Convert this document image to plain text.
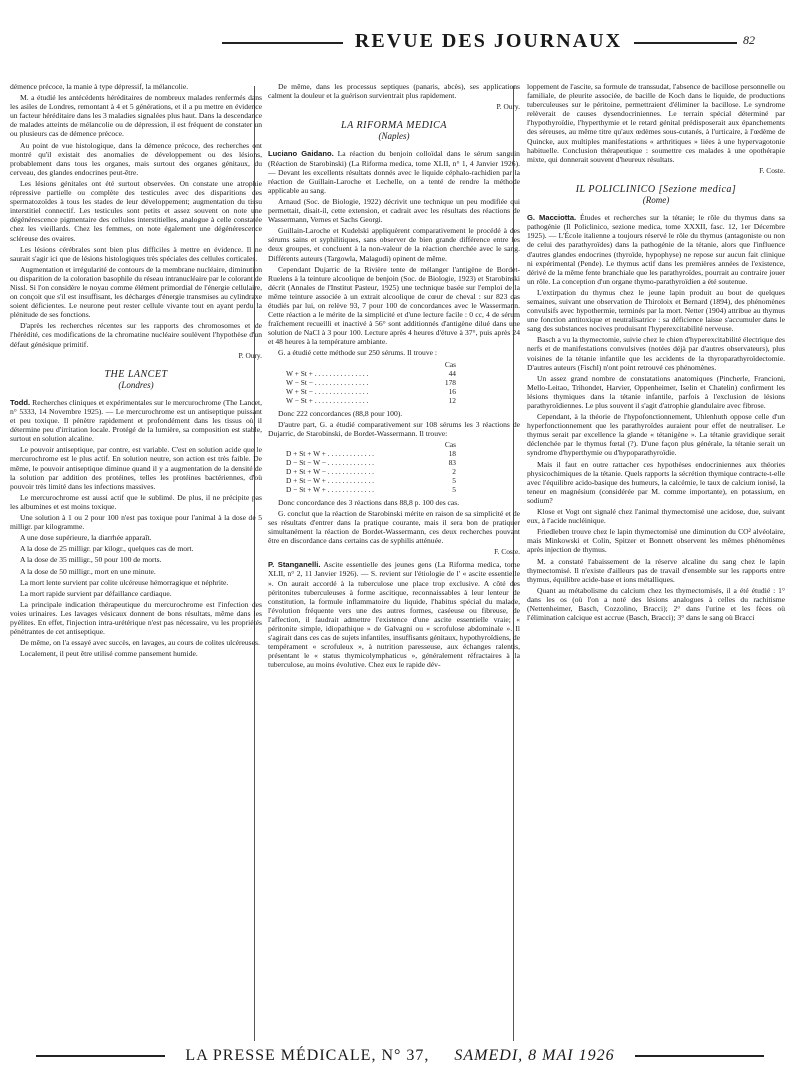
REVUE DES JOURNAUX	82

démence précoce, la manie à type dépressif, la mélancolie.

M. a étudié les antécédents héréditaires de nombreux malades renfermés dans les asiles de Londres, remontant à 4 et 5 générations, et il a pu mettre en évidence un facteur héréditaire dans les 3 maladies signalées plus haut. Dans la descendance de malades atteints de mélancolie ou de dépression, il est fréquent de constater un ou plusieurs cas de démence précoce.

Au point de vue histologique, dans la démence précoce, des recherches ont montré qu'il existait des anomalies de développement ou des lésions, probablement dans tous les organes, mais surtout des organes génitaux, du cerveau, des glandes endocrines peut-être.

Les lésions génitales ont été surtout observées. On constate une atrophie répressive partielle ou complète des testicules avec des disparitions des spermatozoïdes à tous les stades de leur développement; augmentation du tissu interstitiel connectif. Les testicules sont petits et assez souvent on note une dégénérescence pigmentaire des cellules interstitielles, analogue à celle constatée chez les vieillards. Chez les femmes, on note également une dégénérescence scléreuse des ovaires.

Les lésions cérébrales sont bien plus difficiles à mettre en évidence. Il ne saurait s'agir ici que de lésions histologiques très spéciales des cellules corticales.

Augmentation et irrégularité de contours de la membrane nucléaire, diminution ou disparition de la coloration basophile du réseau intranucléaire par le colorant de Nissl. Si l'on considère le noyau comme élément primordial de l'énergie cellulaire, on conçoit que s'il est insuffisant, les décharges d'énergie transmises au cylindraxe soient déficientes. Le neurone peut rester cellule vivante tout en ayant perdu la plénitude de ses fonctions.

D'après les recherches récentes sur les rapports des chromosomes et de l'hérédité, ces modifications de la chromatine nucléaire soulèvent l'hypothèse d'un défaut génésique primitif.

P. Oury.
THE LANCET
(Londres)

Todd. Recherches cliniques et expérimentales sur le mercurochrome (The Lancet, n° 5333, 14 Novembre 1925). — Le mercurochrome est un antiseptique puissant et peu toxique. Il pénètre rapidement et profondément dans les tissus où il détermine peu d'irritation locale. Protégé de la lumière, sa composition est stable, surtout en solution alcaline.

Le pouvoir antiseptique, par contre, est variable. C'est en solution acide que le mercurochrome est le plus actif. En solution neutre, son action est très faible. De même, le pouvoir antiseptique diminue quand il y a augmentation de la densité de la solution par addition des protéines, telles les protéines bactériennes, d'où pouvoir très limité dans les infections massives.

Le mercurochrome est aussi actif que le sublimé. De plus, il ne précipite pas les albumines et est moins toxique.

Une solution à 1 ou 2 pour 100 n'est pas toxique pour l'animal à la dose de 5 milligr. par kilogramme.

A une dose supérieure, la diarrhée apparaît.

A la dose de 25 milligr. par kilogr., quelques cas de mort.

A la dose de 35 milligr., 50 pour 100 de morts.

A la dose de 50 milligr., mort en une minute.

La mort lente survient par colite ulcéreuse hémorragique et néphrite.

La mort rapide survient par défaillance cardiaque.

La principale indication thérapeutique du mercurochrome est l'infection des voies urinaires. Les lavages vésicaux donnent de bons résultats, même dans les pyélites. En effet, l'injection intra-urétérique n'est pas nécessaire, vu les propriétés pénétrantes de cet antiseptique.

De même, on l'a essayé avec succès, en lavages, au cours de colites ulcéreuses.

Localement, il peut être utilisé comme pansement humide.

De même, dans les processus septiques (panaris, abcès), ses applications calment la douleur et la guérison survientrait plus rapidement.

P. Oury.
LA RIFORMA MEDICA
(Naples)

Luciano Gaidano. La réaction du benjoin colloïdal dans le sérum sanguin (Réaction de Starobinski) (La Riforma medica, tome XLII, n° 1, 4 Janvier 1926). — Devant les excellents résultats donnés avec le liquide céphalo-rachidien par la réaction de Guillain-Laroche et Lechelle, on a tenté de rendre la méthode applicable au sang.

Arnaud (Soc. de Biologie, 1922) décrivit une technique un peu modifiée qui permettait, disait-il, cette extension, et cadrait avec les résultats des réactions de Wassermann, Vernes et Sachs Georgi.

Guillain-Laroche et Kudelski appliquèrent comparativement le procédé à des sérums sains et syphilitiques, sans observer de bien grande différence entre les deux groupes, et concluent à la non-valeur de la réaction cherchée avec le sang. Différents auteurs (Targowla, Malagudi) opinent de même.

Cependant Dujarric de la Rivière tente de mélanger l'antigène de Bordet-Ruelens à la teinture alcoolique de benjoin (Soc. de Biologie, 1923) et Starobinski décrit (Annales de l'Institut Pasteur, 1925) une technique basée sur l'emploi de la même teinture associée à un extrait alcoolique de cœur de cheval : sur 823 cas étudiés par lui, on relève 93, 7 pour 100 de concordances avec le Wassermann. Cette réaction a le mérite de la simplicité et d'une lecture facile : 0 cc, 4 de sérum fraîchement recueilli et inactivé à 56° sont additionnés d'antigène dilué dans une solution de NaCl à 3 pour 100. Lecture après 4 heures d'étuve à 37°, puis après 24 et 48 heures à la température ambiante.

G. a étudié cette méthode sur 250 sérums. Il trouve :

	Cas
W + St + . . . . . . . . . . . . . . .	44
W − St − . . . . . . . . . . . . . . .	178
W + St − . . . . . . . . . . . . . . .	16
W − St + . . . . . . . . . . . . . . .	12

Donc 222 concordances (88,8 pour 100).

D'autre part, G. a étudié comparativement sur 108 sérums les 3 réactions de Dujarric, de Starobinski, de Bordet-Wassermann. Il trouve:

	Cas
D + St + W + . . . . . . . . . . . . .	18
D − St − W − . . . . . . . . . . . . .	83
D + St + W − . . . . . . . . . . . . .	2
D + St − W + . . . . . . . . . . . . .	5
D − St + W + . . . . . . . . . . . . .	5

Donc concordance des 3 réactions dans 88,8 p. 100 des cas.

G. conclut que la réaction de Starobinski mérite en raison de sa simplicité et de ses résultats d'entrer dans la pratique courante, mais il sera bon de pratiquer simultanément la réaction de Bordet-Wassermann, ces deux recherches pouvant être en discordance dans certains cas de syphilis atténuée.

F. Coste.

P. Stanganelli. Ascite essentielle des jeunes gens (La Riforma medica, tome XLII, n° 2, 11 Janvier 1926). — S. revient sur l'étiologie de l' « ascite essentielle ». On aurait accordé à la tuberculose une place trop exclusive. A côté des péritonites tuberculeuses à forme ascitique, reconnaissables à leur lenteur de constitution, la formule inflammatoire du liquide, l'habitus spécial du malade, l'évolution fréquente vers une des autres formes, caséeuse ou fibreuse, de l'affection, il faudrait admettre l'existence d'une ascite essentielle vraie; « péritonite simple, idiopathique » de Galvagni ou « scrofulose abdominale ». Il s'agirait dans ces cas de sujets infantiles, insuffisants génitaux, hypothyroïdiens, de tempérament « scrofuleux », à nutrition paresseuse, aux échanges ralentis, présentant le « status thymicolymphaticus », généralement réfractaires à la tuberculose, au moins évolutive. Chez eux le rapide dév-

loppement de l'ascite, sa formule de transsudat, l'absence de bacillose personnelle ou familiale, de pleurite associée, de bacille de Koch dans le liquide, de productions tuberculeuses sur le péritoine, permettraient d'éliminer la bacillose. Le syndrome relèverait de causes dysendocriniennes. Le terrain spécial déterminé par l'hypothyroïdie, l'hyperthymie et le retard génital prédisposerait aux épanchements des séreuses, au même titre qu'aux œdèmes sous-cutanés, à l'urticaire, à l'œdème de Quincke, aux multiples manifestations « arthritiques » liées à une hypervagotonie habituelle. Conclusion thérapeutique : soumettre ces malades à une opothérapie mixte, qui donnerait souvent d'heureux résultats.

F. Coste.
IL POLICLINICO [Sezione medica]
(Rome)

G. Macciotta. Études et recherches sur la tétanie; le rôle du thymus dans sa pathogénie (Il Policlinico, sezione medica, tome XXXII, fasc. 12, 1er Décembre 1925). — L'École italienne a toujours réservé le rôle du thymus (antagoniste ou non de celui des parathyroïdes) dans la pathogénie de la tétanie, alors que l'influence d'autres glandes endocrines (thyroïde, hypophyse) ne repose sur aucun fait clinique ni expérimental (Pende). Le thymus actif dans les premières années de l'existence, dérivé de la même fente branchiale que les parathyroïdes, pourrait au contraire jouer un rôle. La conception d'un organe thymo-parathyroïdien a été soutenue.

L'extirpation du thymus chez le jeune lapin produit au bout de quelques semaines, suivant une observation de Thiroloix et Bernard (1894), des phénomènes convulsifs avec hypothermie, terminés par la mort. Netter (1904) attribue au thymus une fonction antitoxique et neutralisatrice : sa déficience laisse s'accumuler dans le sang des substances nocives produisant l'hyperexcitabilité nerveuse.

Basch a vu la thymectomie, suivie chez le chien d'hyperexcitabilité électrique des nerfs et de manifestations convulsives (notées déjà par d'autres observateurs), plus voisines de la tétanie infantile que les accidents de la thyroparathyroïdectomie. D'autres auteurs (Fischl) n'ont point retrouvé ces phénomènes.

Un assez grand nombre de constatations anatomiques (Pincherle, Francioni, Mello-Leitao, Trihondet, Harvier, Oppenheimer, Iselin et Chatelin) confirment les lésions thymiques dans la tétanie infantile, parfois à l'exclusion de lésions parathyroïdiennes. Le plus souvent il s'agit d'atrophie glandulaire avec fibrose.

Cependant, à la théorie de l'hypofonctionnement, Uhlenhuth oppose celle d'un hyperfonctionnement que les parathyroïdes auraient pour effet de neutraliser. Le thymus serait par excellence la glande « tétanigène ». La tétanie gravidique serait déclenchée par le thymus fœtal (?). D'une façon plus générale, la tétanie serait un syndrome d'hyperthymie ou d'hypoparathyroïdie.

Mais il faut en outre rattacher ces hypothèses endocriniennes aux théories physicochimiques de la tétanie. Quels rapports la sécrétion thymique contracte-t-elle avec l'équilibre acido-basique des humeurs, la calcémie, le taux de calcium ionisé, la teneur en magnésium (considérée par M. comme importante), en potassium, en sodium?

Klose et Vogt ont signalé chez l'animal thymectomisé une acidose, due, suivant eux, à l'acide nucléinique.

Friedleben trouve chez le lapin thymectomisé une diminution du CO² alvéolaire, mais Minkowski et Colin, Spitzer et Bonnett observent les mêmes phénomènes après injection de thymus.

M. a constaté l'abaissement de la réserve alcaline du sang chez le lapin thymectomisé. Il n'existe d'ailleurs pas de travail d'ensemble sur les rapports entre thymus, équilibre acide-base et ions métalliques.

Quant au métabolisme du calcium chez les thymectomisés, il a été étudié : 1° dans les os (où l'on a noté des lésions analogues à celles du rachitisme (Nettenheimer, Basch, Cozzolino, Bracci); 2° dans l'urine et les fèces où l'élimination calcique est accrue (Basch, Bracci); 3° dans le sang où Bracci

LA PRESSE MÉDICALE, N° 37, SAMEDI, 8 MAI 1926
